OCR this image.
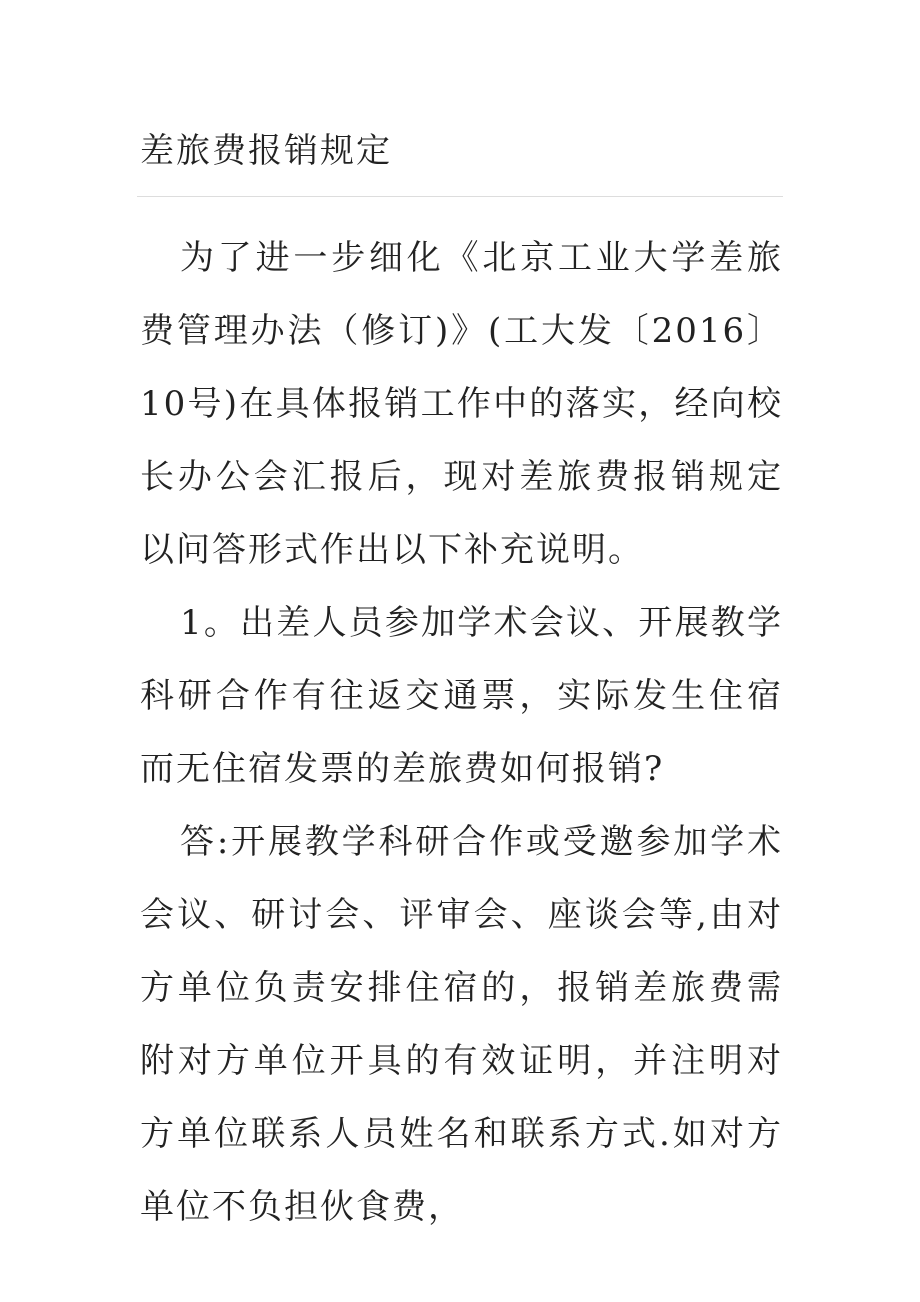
差旅费报销规定

为了进一步细化《北京工业大学差旅费管理办法（修订)》(工大发〔2016〕10号)在具体报销工作中的落实，经向校长办公会汇报后，现对差旅费报销规定以问答形式作出以下补充说明。

1。出差人员参加学术会议、开展教学科研合作有往返交通票，实际发生住宿而无住宿发票的差旅费如何报销?

答:开展教学科研合作或受邀参加学术会议、研讨会、评审会、座谈会等,由对方单位负责安排住宿的，报销差旅费需附对方单位开具的有效证明，并注明对方单位联系人员姓名和联系方式.如对方单位不负担伙食费，
